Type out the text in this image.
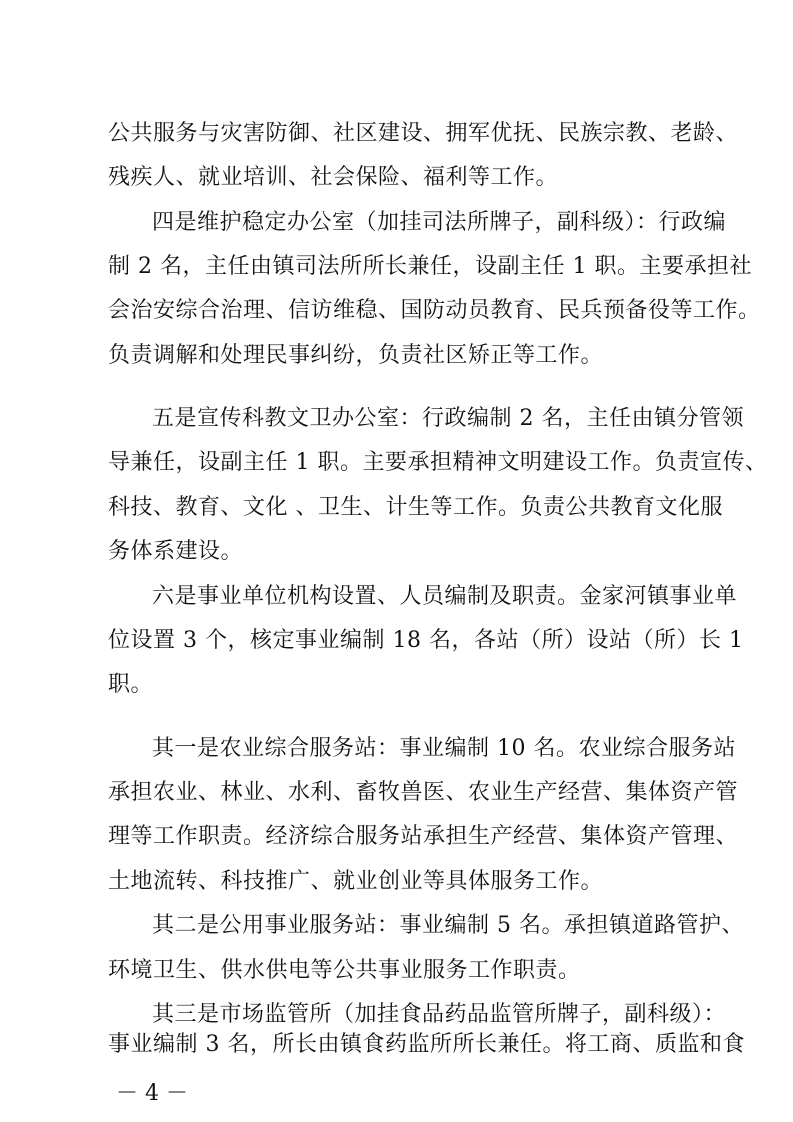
公共服务与灾害防御、社区建设、拥军优抚、民族宗教、老龄、

残疾人、就业培训、社会保险、福利等工作。

四是维护稳定办公室（加挂司法所牌子，副科级）：行政编

制 2 名，主任由镇司法所所长兼任，设副主任 1 职。主要承担社

会治安综合治理、信访维稳、国防动员教育、民兵预备役等工作。

负责调解和处理民事纠纷，负责社区矫正等工作。

五是宣传科教文卫办公室：行政编制 2 名，主任由镇分管领

导兼任，设副主任 1 职。主要承担精神文明建设工作。负责宣传、

科技、教育、文化 、卫生、计生等工作。负责公共教育文化服

务体系建设。

六是事业单位机构设置、人员编制及职责。金家河镇事业单

位设置 3 个，核定事业编制 18 名，各站（所）设站（所）长 1

职。

其一是农业综合服务站：事业编制 10 名。农业综合服务站

承担农业、林业、水利、畜牧兽医、农业生产经营、集体资产管

理等工作职责。经济综合服务站承担生产经营、集体资产管理、

土地流转、科技推广、就业创业等具体服务工作。

其二是公用事业服务站：事业编制 5 名。承担镇道路管护、

环境卫生、供水供电等公共事业服务工作职责。

其三是市场监管所（加挂食品药品监管所牌子，副科级）：

事业编制 3 名，所长由镇食药监所所长兼任。将工商、质监和食

－ 4 －
